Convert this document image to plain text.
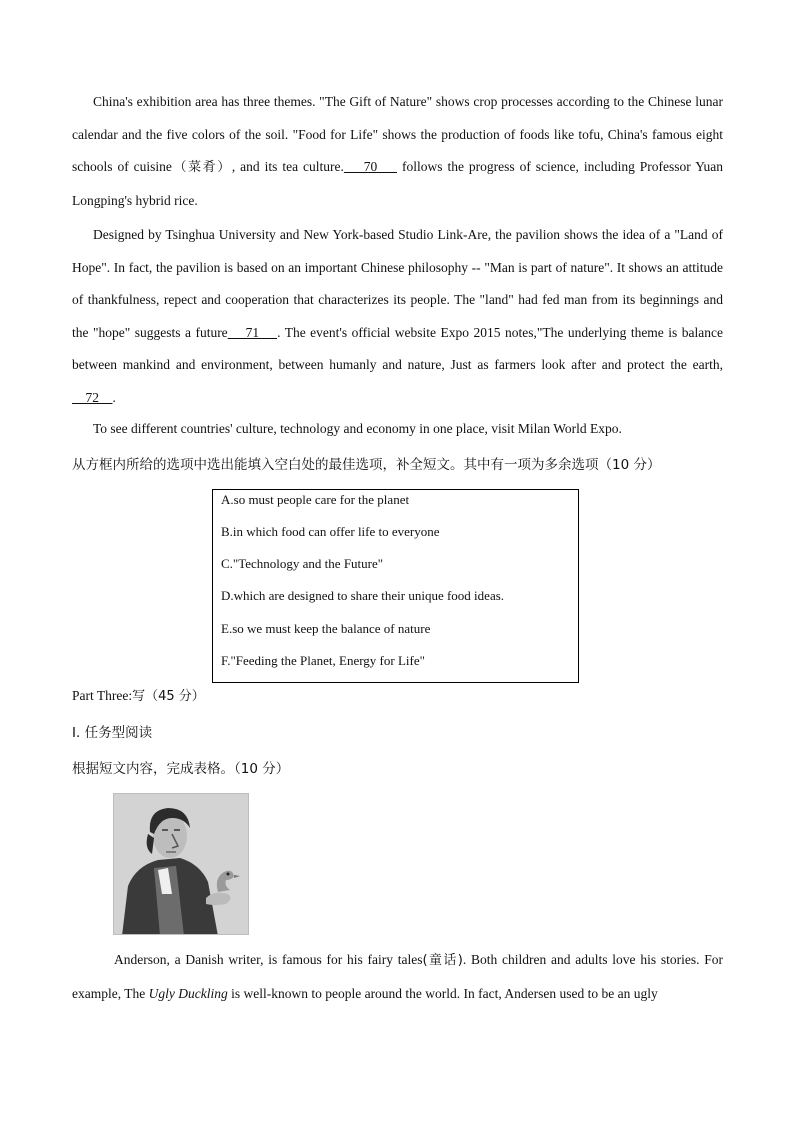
China's exhibition area has three themes. "The Gift of Nature" shows crop processes according to the Chinese lunar calendar and the five colors of the soil. "Food for Life" shows the production of foods like tofu, China's famous eight schools of cuisine（菜肴）, and its tea culture.    70     follows the progress of science, including Professor Yuan Longping's hybrid rice.

Designed by Tsinghua University and New York-based Studio Link-Are, the pavilion shows the idea of a "Land of Hope". In fact, the pavilion is based on an important Chinese philosophy -- "Man is part of nature". It shows an attitude of thankfulness, repect and cooperation that characterizes its people. The "land" had fed man from its beginnings and the "hope" suggests a future    71    . The event's official website Expo 2015 notes,"The underlying theme is balance between mankind and environment, between humanly and nature, Just as farmers look after and protect the earth,    72    .

To see different countries' culture, technology and economy in one place, visit Milan World Expo.

从方框内所给的选项中选出能填入空白处的最佳选项，补全短文。其中有一项为多余选项（10 分）

A.so must people care for the planet

B.in which food can offer life to everyone

C."Technology and the Future"

D.which are designed to share their unique food ideas.

E.so we must keep the balance of nature

F."Feeding the Planet, Energy for Life"

Part Three:写（45 分）

Ⅰ. 任务型阅读

根据短文内容，完成表格。（10 分）

Anderson, a Danish writer, is famous for his fairy tales(童话). Both children and adults love his stories. For example, The Ugly Duckling is well-known to people around the world. In fact, Andersen used to be an ugly
